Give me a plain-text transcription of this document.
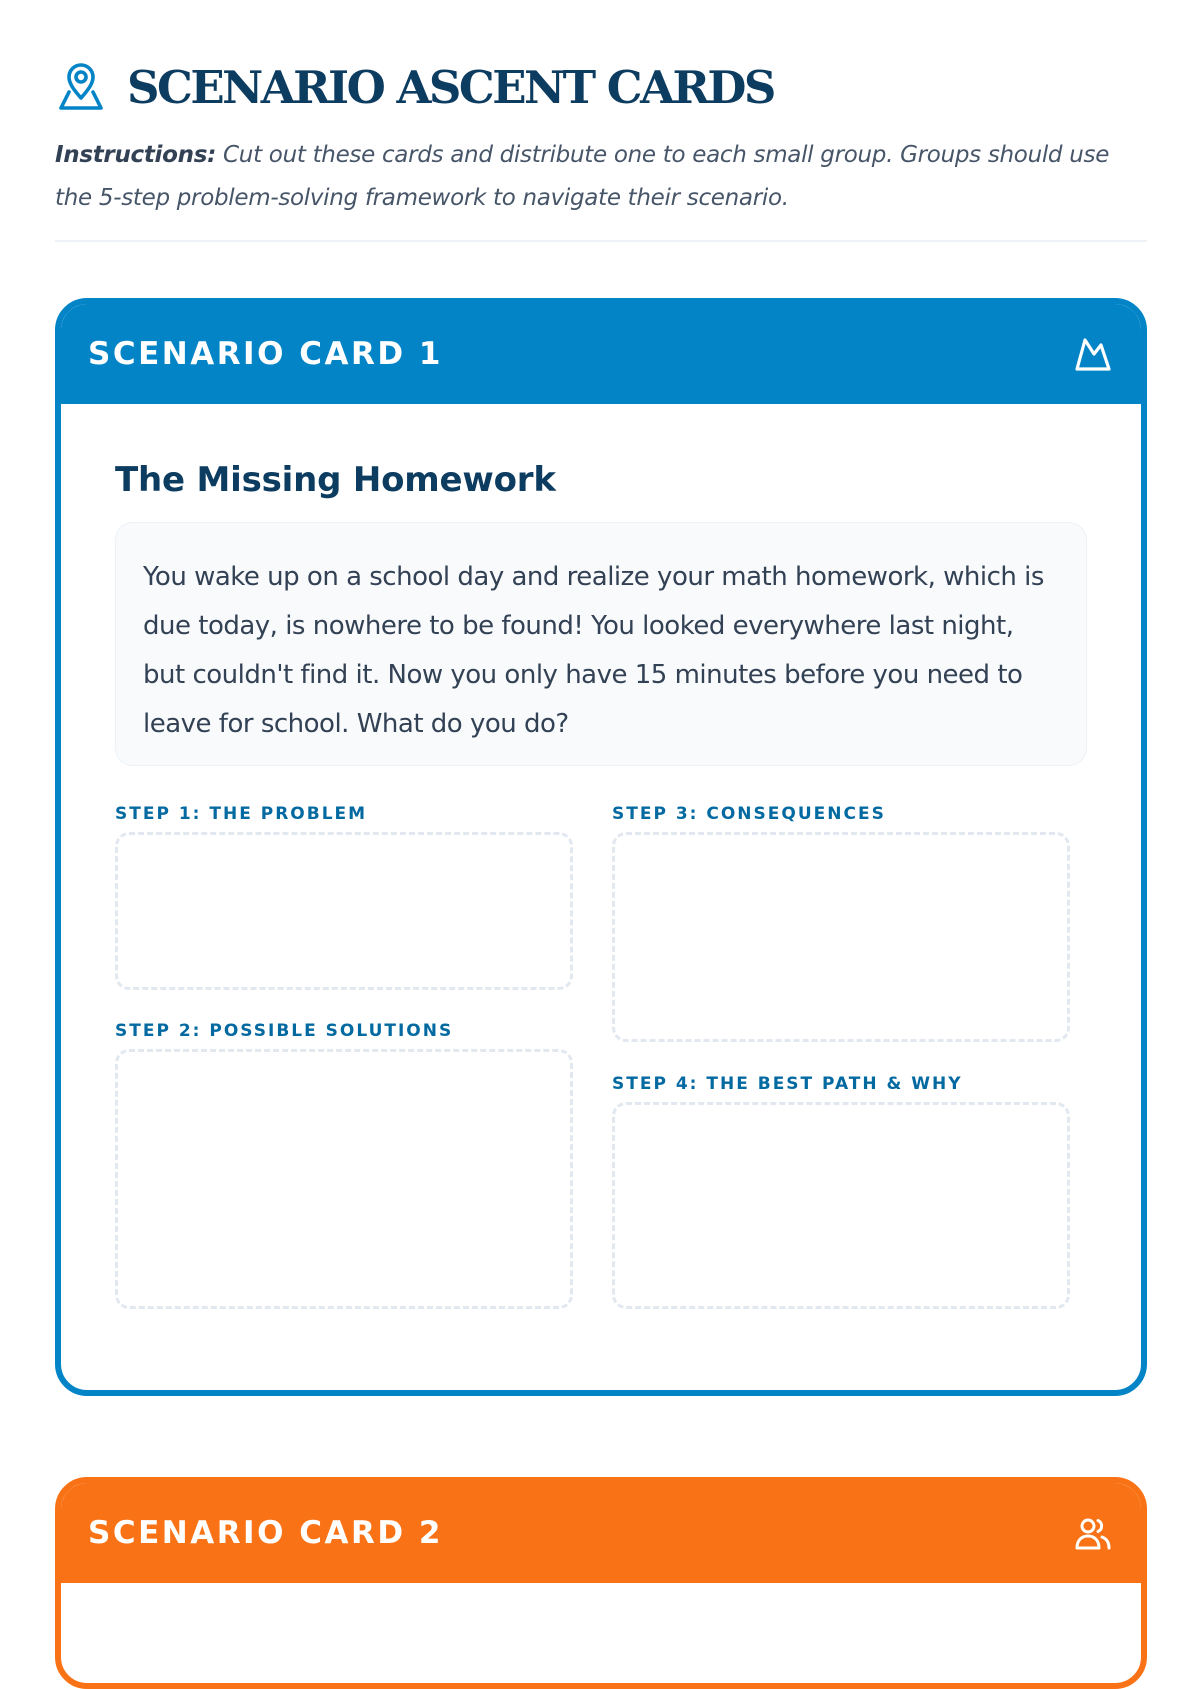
SCENARIO ASCENT CARDS
Instructions: Cut out these cards and distribute one to each small group. Groups should use the 5-step problem-solving framework to navigate their scenario.
SCENARIO CARD 1
The Missing Homework
You wake up on a school day and realize your math homework, which is due today, is nowhere to be found! You looked everywhere last night, but couldn't find it. Now you only have 15 minutes before you need to leave for school. What do you do?
STEP 1: THE PROBLEM
STEP 2: POSSIBLE SOLUTIONS
STEP 3: CONSEQUENCES
STEP 4: THE BEST PATH & WHY
SCENARIO CARD 2
